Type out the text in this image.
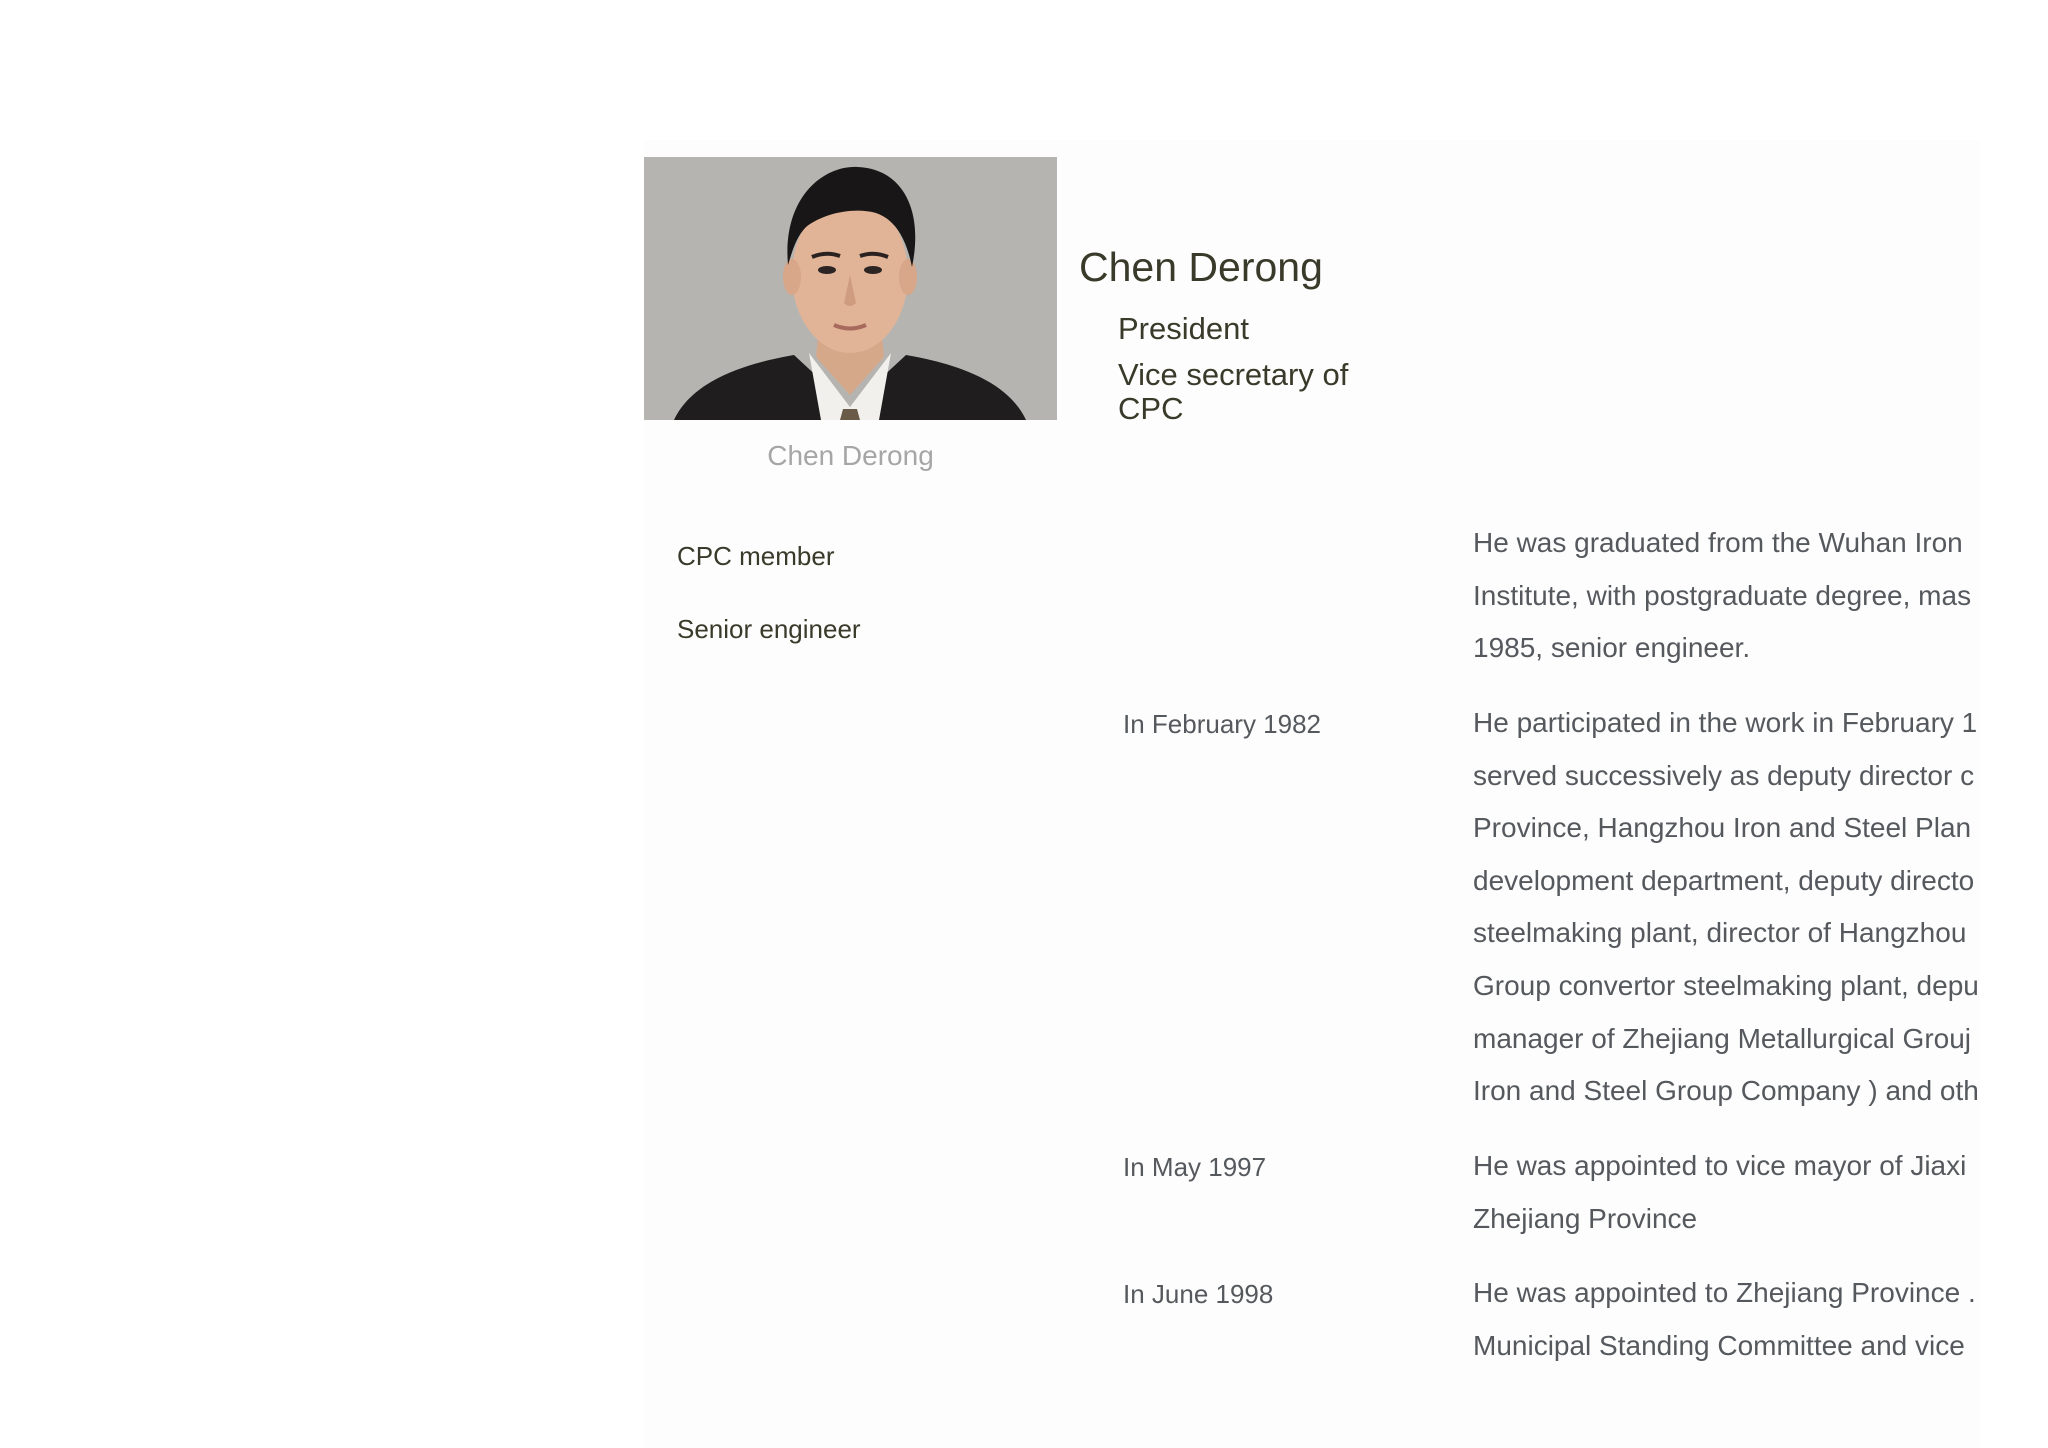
Chen Derong
Chen Derong
President
Vice secretary of
CPC
CPC member
Senior engineer
He was graduated from the Wuhan Iron
Institute, with postgraduate degree, mas
1985, senior engineer.
In February 1982	He participated in the work in February 1
served successively as deputy director c
Province, Hangzhou Iron and Steel Plan
development department, deputy directo
steelmaking plant, director of Hangzhou
Group convertor steelmaking plant, depu
manager of Zhejiang Metallurgical Grouj
Iron and Steel Group Company ) and oth
In May 1997	He was appointed to vice mayor of Jiaxi
Zhejiang Province
In June 1998	He was appointed to Zhejiang Province .
Municipal Standing Committee and vice
